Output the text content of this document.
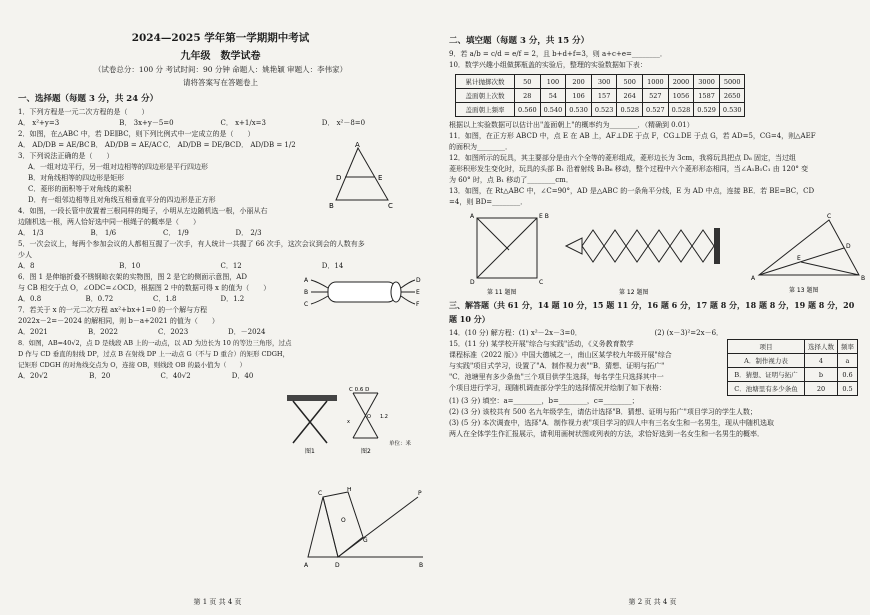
2024—2025 学年第一学期期中考试
九年级　数学试卷
（试卷总分：100 分 考试时间：90 分钟 命题人：姚艳颖 审题人：李伟家）
请将答案写在答题卷上
一、选择题（每题 3 分，共 24 分）
1．下列方程是一元二次方程的是（　　）
A． x²+y=3	B． 3x+y－5=0	C． x+1/x=3	D． x²－8=0
2．如图，在△ABC 中，若 DE∥BC，则下列比例式中一定成立的是（　　）
A． AD/DB = AE/BC B． AD/DB = AE/AC C． AD/DB = DE/BC D． AD/DB = 1/2
3．下列说法正确的是（　　）
A．一组对边平行，另一组对边相等的四边形是平行四边形
B．对角线相等的四边形是矩形
C．菱形的面积等于对角线的乘积
D．有一组邻边相等且对角线互相垂直平分的四边形是正方形
4．如图，一段长管中放置着三根同样的绳子，小明从左边随机选一根，小丽从右
边随机选一根，两人恰好选中同一根绳子的概率是（　　）
A． 1/3	B． 1/6	C． 1/9	D． 2/3
5．一次会议上，每两个参加会议的人都相互握了一次手，有人统计一共握了 66 次手，这次会议到会的人数有多
少人
A．8	B．10	C．12	D．14
6．图 1 是伸缩折叠不锈钢晾衣架的实物图，图 2 是它的侧面示意图，AD
与 CB 相交于点 O，∠ODC=∠OCD，根据图 2 中的数据可得 x 的值为（　　）
A．0.8	B．0.72	C．1.8	D．1.2
7．若关于 x 的一元二次方程 ax²+bx+1=0 的一个解与方程
2022x－2=－2024 的解相同，则 b－a+2021 的值为（　　）
A．2021	B．2022	C．2023	D．－2024
8．如图，AB=40√2，点 D 是线段 AB 上的一动点，以 AD 为边长为 10 的等边三角形，过点
D 作与 CD 垂直的射线 DP，过点 B 在射线 DP 上一动点 G（不与 D 重合）的矩形 CDGH，
记矩形 CDGH 的对角线交点为 O，连接 OB，则线段 OB 的最小值为（　　）
A．20√2	B．20	C．40√2	D．40
A
D	E
B	C
A
B
C
D
E
F
图1
C 0.6 D
O
x
1.2
图2
单位：米
A	D	B
C
H
G
O
P
第 1 页 共 4 页
二、填空题（每题 3 分，共 15 分）
9．若 a/b = c/d = e/f = 2，且 b+d+f=3，则 a+c+e=________．
10．数学兴趣小组做掷瓶盖的实验后，整理的实验数据如下表：
累计抛掷次数	50	100	200	300	500	1000	2000	3000	5000
盖面朝上次数	28	54	106	157	264	527	1056	1587	2650
盖面朝上频率	0.560	0.540	0.530	0.523	0.528	0.527	0.528	0.529	0.530
根据以上实验数据可以估计出"盖面朝上"的概率约为________．（精确到 0.01）
11．如图，在正方形 ABCD 中，点 E 在 AB 上，AF⊥DE 于点 F，CG⊥DE 于点 G，若 AD=5，CG=4，则△AEF
的面积为________．
12．如图所示的玩具，其主要部分是由六个全等的菱形组成，菱形边长为 3cm，我将玩具把点 D₆ 固定，当过组
菱形积形发生变化时，玩具的头部 B₁ 沿着射线 B₁B₆ 移动，整个过程中六个菱形形态相同，当∠A₁B₁C₁ 由 120° 变
为 60° 时，点 B₁ 移动了________cm．
13．如图，在 Rt△ABC 中，∠C=90°，AD 是△ABC 的一条角平分线，E 为 AD 中点，连接 BE．若 BE=BC，CD
=4，则 BD=________．
A	E B
D	C
第 11 题图	第 12 题图
A	B
C
D
E
第 13 题图
三、解答题（共 61 分，14 题 10 分，15 题 11 分，16 题 6 分，17 题 8 分，18 题 8 分，19 题 8 分，20
题 10 分）
14．(10 分) 解方程：(1) x²－2x－3=0．	(2) (x－3)²=2x－6．
15．(11 分) 某学校开展"综合与实践"活动，《义务教育数学
课程标准（2022 版）》中国大德城之一，南山区某学校九年级开展"综合
与实践"项目式学习，设置了"A．制作视力表""B．猜想、证明与拓广"
"C．池塘里有多少条鱼"三个项目供学生选择，每名学生只选择其中一
个项目进行学习，现随机调查部分学生的选择情况并绘制了如下表格：
项目	选择人数	频率
A．制作视力表	4	a
B．猜想、证明与拓广	b	0.6
C．池塘里有多少条鱼	20	0.5
(1) (3 分) 填空：a=________，b=________，c=________；
(2) (3 分) 该校共有 500 名九年级学生，请估计选择"B．猜想、证明与拓广"项目学习的学生人数；
(3) (5 分) 本次调查中，选择"A．制作视力表"项目学习的四人中有三名女生和一名男生，现从中随机选取
两人在全体学生作汇报展示，请利用画树状图或列表的方法，求恰好选到一名女生和一名男生的概率．
第 2 页 共 4 页
